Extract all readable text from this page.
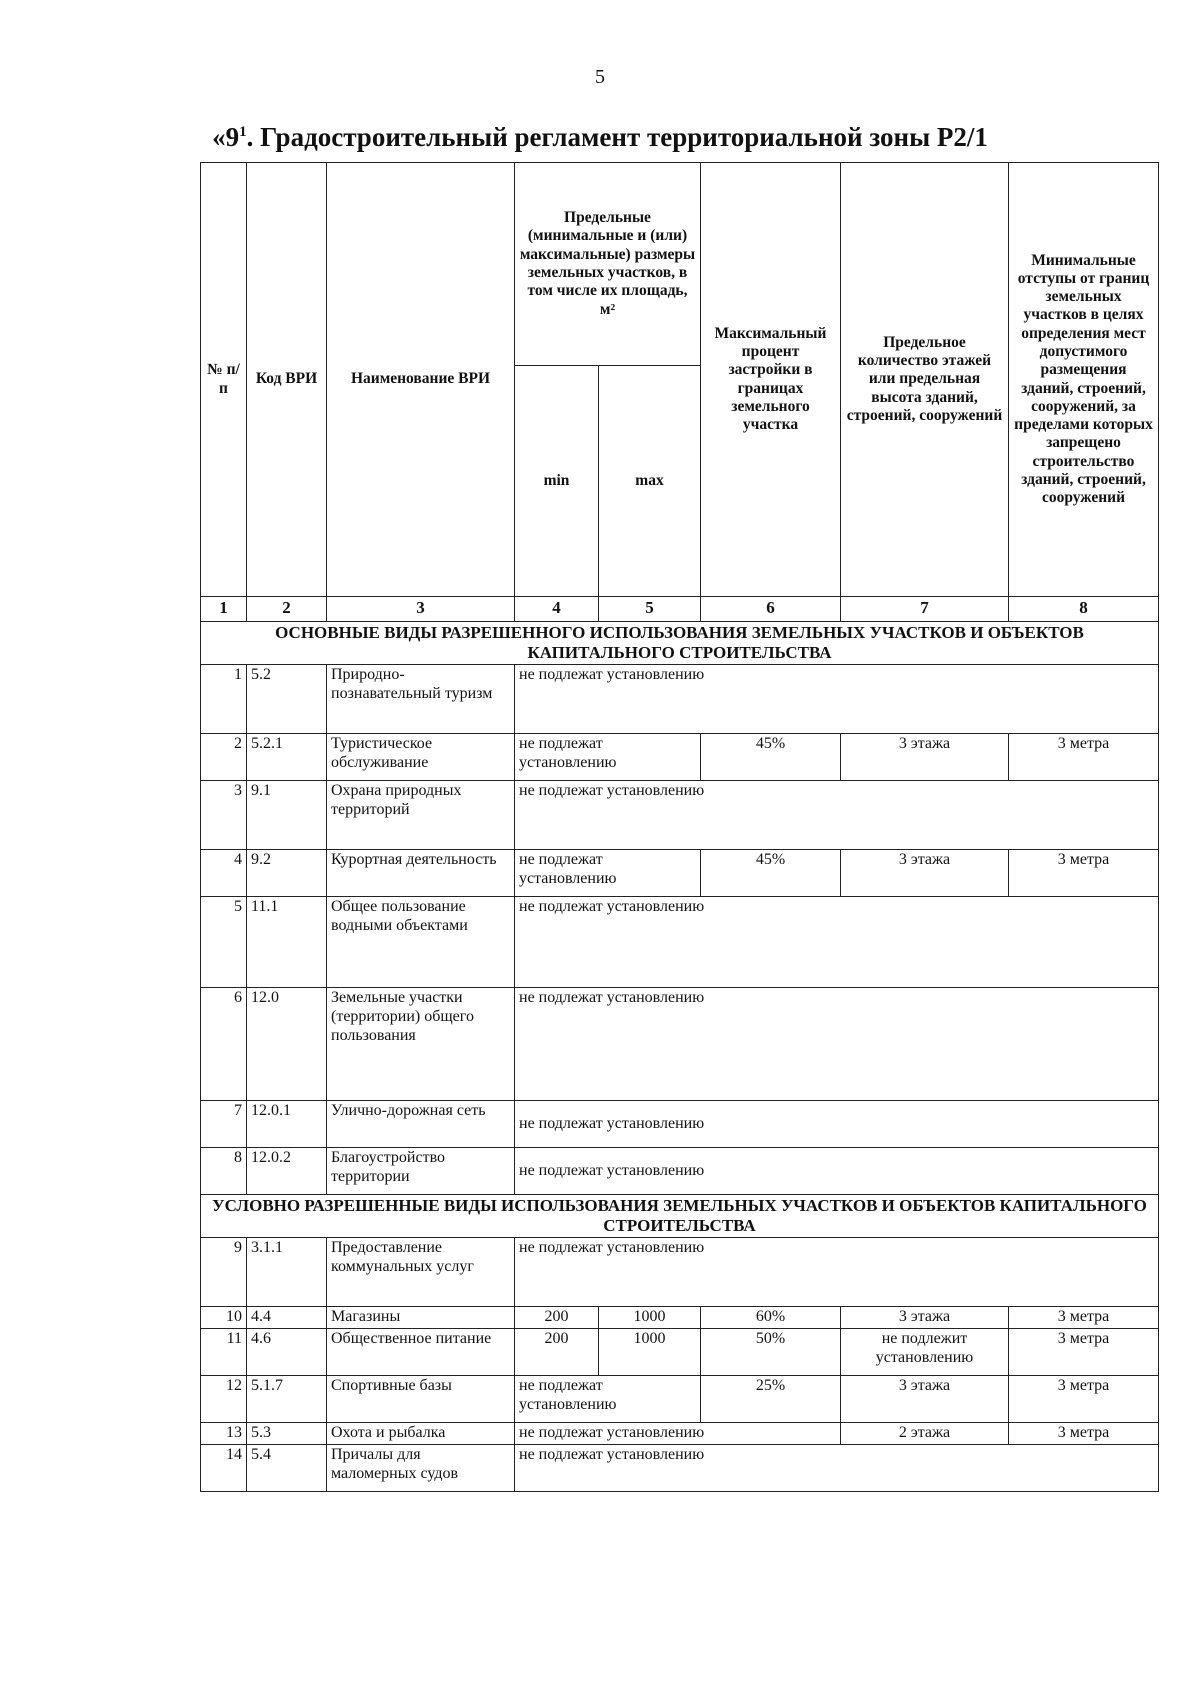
5
«$9^1$. Градостроительный регламент территориальной зоны Р2/1
№ п/ п	Код ВРИ	Наименование ВРИ	Предельные (минимальные и (или) максимальные) размеры земельных участков, в том числе их площадь, м²		Максимальный процент застройки в границах земельного участка	Предельное количество этажей или предельная высота зданий, строений, сооружений	Минимальные отступы от границ земельных участков в целях определения мест допустимого размещения зданий, строений, сооружений, за пределами которых запрещено строительство зданий, строений, сооружений
			min	max			
1	2	3	4	5	6	7	8
ОСНОВНЫЕ ВИДЫ РАЗРЕШЕННОГО ИСПОЛЬЗОВАНИЯ ЗЕМЕЛЬНЫХ УЧАСТКОВ И ОБЪЕКТОВ КАПИТАЛЬНОГО СТРОИТЕЛЬСТВА							
1	5.2	Природно-познавательный туризм	не подлежат установлению				
2	5.2.1	Туристическое обслуживание	не подлежат установлению		45%	3 этажа	3 метра
3	9.1	Охрана природных территорий	не подлежат установлению				
4	9.2	Курортная деятельность	не подлежат установлению		45%	3 этажа	3 метра
5	11.1	Общее пользование водными объектами	не подлежат установлению				
6	12.0	Земельные участки (территории) общего пользования	не подлежат установлению				
7	12.0.1	Улично-дорожная сеть	не подлежат установлению				
8	12.0.2	Благоустройство территории	не подлежат установлению				
УСЛОВНО РАЗРЕШЕННЫЕ ВИДЫ ИСПОЛЬЗОВАНИЯ ЗЕМЕЛЬНЫХ УЧАСТКОВ И ОБЪЕКТОВ КАПИТАЛЬНОГО СТРОИТЕЛЬСТВА							
9	3.1.1	Предоставление коммунальных услуг	не подлежат установлению				
10	4.4	Магазины	200	1000	60%	3 этажа	3 метра
11	4.6	Общественное питание	200	1000	50%	не подлежит установлению	3 метра
12	5.1.7	Спортивные базы	не подлежат установлению		25%	3 этажа	3 метра
13	5.3	Охота и рыбалка	не подлежат установлению			2 этажа	3 метра
14	5.4	Причалы для маломерных судов	не подлежат установлению				
